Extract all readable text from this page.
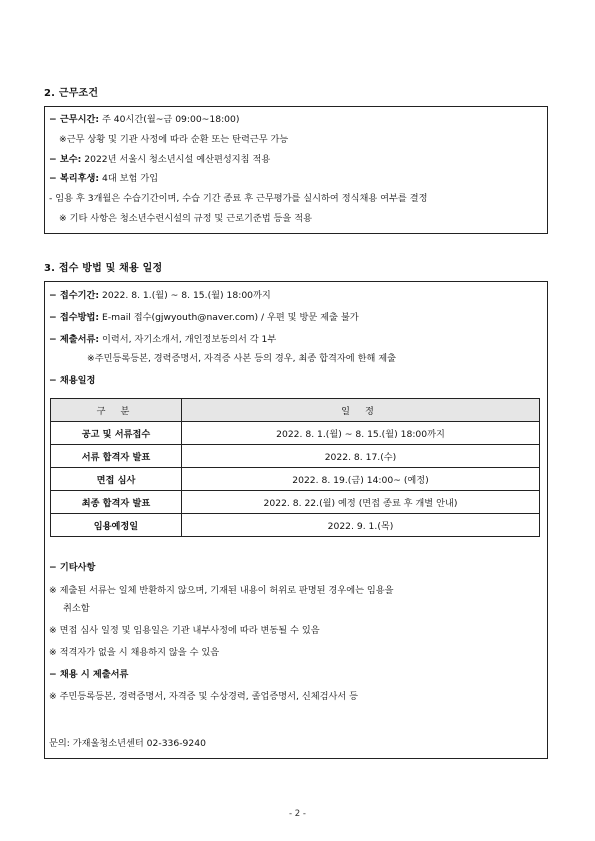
2. 근무조건
− 근무시간: 주 40시간(월~금 09:00~18:00)
※근무 상황 및 기관 사정에 따라 순환 또는 탄력근무 가능
− 보수: 2022년 서울시 청소년시설 예산편성지침 적용
− 복리후생: 4대 보험 가입
- 임용 후 3개월은 수습기간이며, 수습 기간 종료 후 근무평가를 실시하여 정식채용 여부를 결정
※ 기타 사항은 청소년수련시설의 규정 및 근로기준법 등을 적용
3. 접수 방법 및 채용 일정
− 접수기간: 2022. 8. 1.(월) ~ 8. 15.(월) 18:00까지
− 접수방법: E-mail 접수(gjwyouth@naver.com) / 우편 및 방문 제출 불가
− 제출서류: 이력서, 자기소개서, 개인정보동의서 각 1부
※주민등록등본, 경력증명서, 자격증 사본 등의 경우, 최종 합격자에 한해 제출
− 채용일정
− 기타사항
※ 제출된 서류는 일체 반환하지 않으며, 기재된 내용이 허위로 판명된 경우에는 임용을
취소함
※ 면접 심사 일정 및 임용일은 기관 내부사정에 따라 변동될 수 있음
※ 적격자가 없을 시 채용하지 않을 수 있음
− 채용 시 제출서류
※ 주민등록등본, 경력증명서, 자격증 및 수상경력, 졸업증명서, 신체검사서 등
문의: 가재울청소년센터 02-336-9240
구 분	일 정
공고 및 서류접수	2022. 8. 1.(월) ~ 8. 15.(월) 18:00까지
서류 합격자 발표	2022. 8. 17.(수)
면접 심사	2022. 8. 19.(금) 14:00~ (예정)
최종 합격자 발표	2022. 8. 22.(월) 예정 (면접 종료 후 개별 안내)
임용예정일	2022. 9. 1.(목)
- 2 -
